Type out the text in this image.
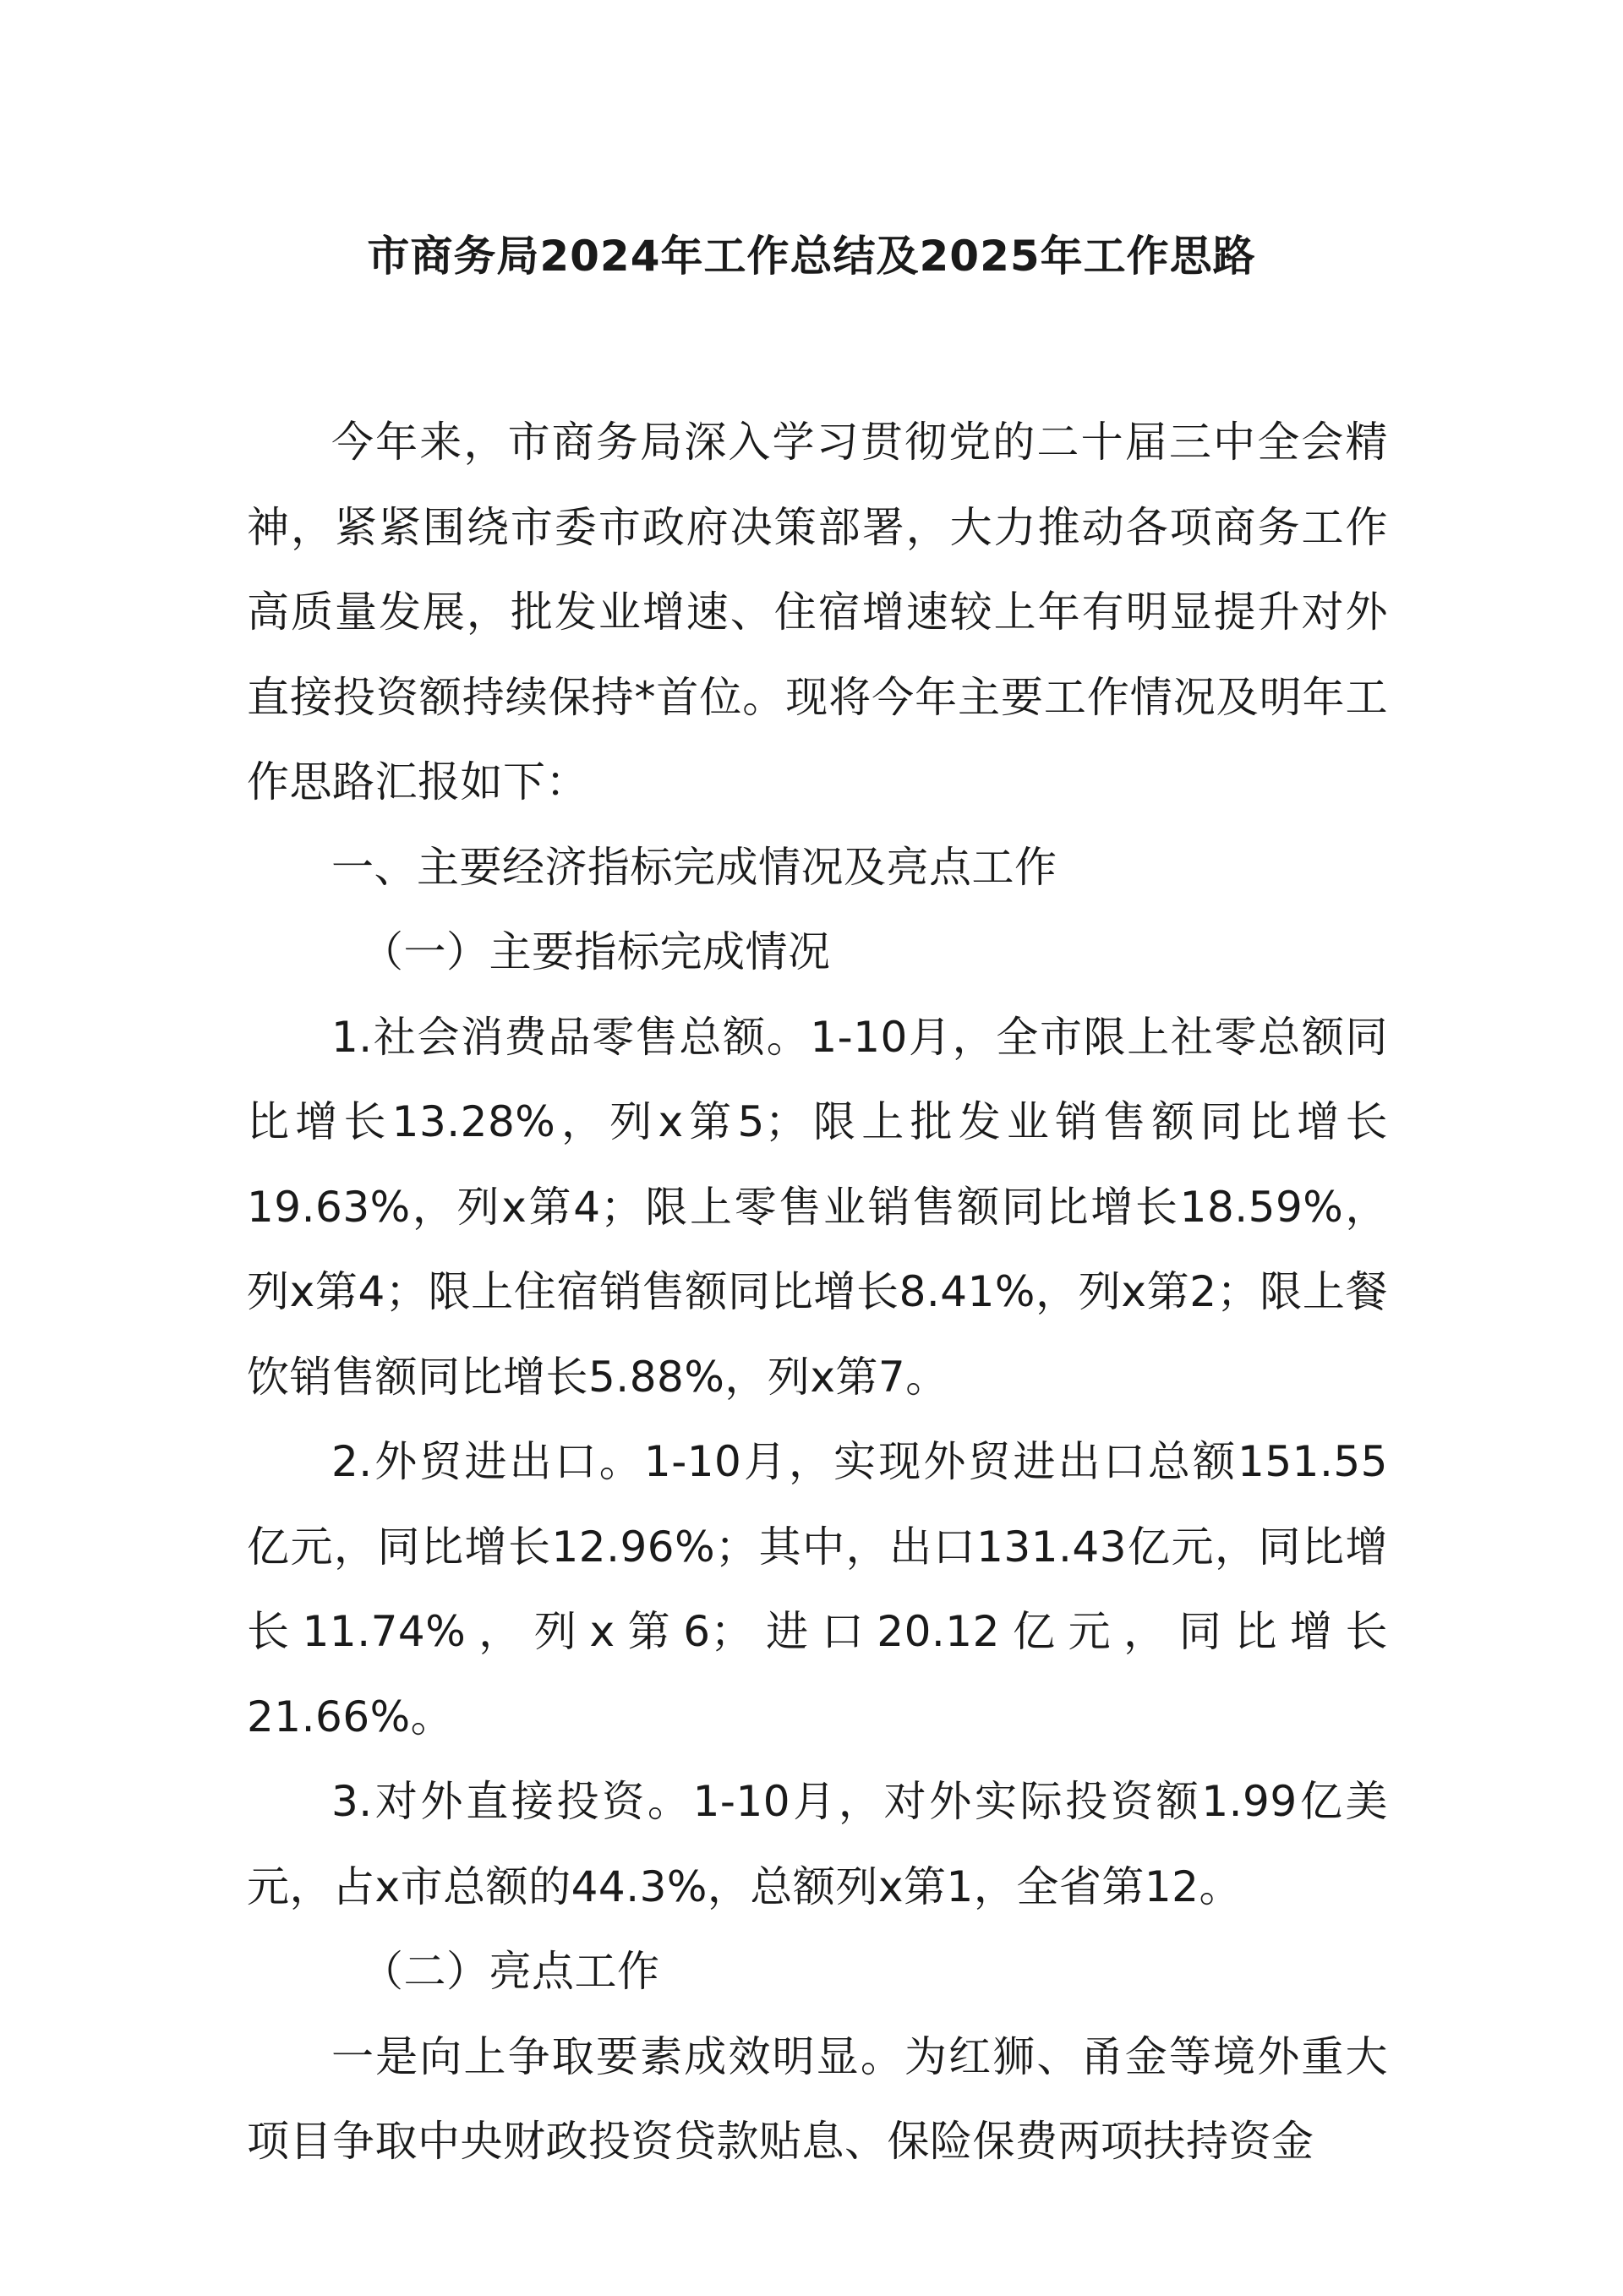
市商务局2024年工作总结及2025年工作思路

今年来，市商务局深入学习贯彻党的二十届三中全会精神，紧紧围绕市委市政府决策部署，大力推动各项商务工作高质量发展，批发业增速、住宿增速较上年有明显提升对外直接投资额持续保持*首位。现将今年主要工作情况及明年工作思路汇报如下：

一、主要经济指标完成情况及亮点工作

（一）主要指标完成情况

1.社会消费品零售总额。1-10月，全市限上社零总额同比增长13.28%，列x第5；限上批发业销售额同比增长19.63%，列x第4；限上零售业销售额同比增长18.59%，列x第4；限上住宿销售额同比增长8.41%，列x第2；限上餐饮销售额同比增长5.88%，列x第7。

2.外贸进出口。1-10月，实现外贸进出口总额151.55亿元，同比增长12.96%；其中，出口131.43亿元，同比增长11.74%，列x第6；进口20.12亿元，同比增长21.66%。

3.对外直接投资。1-10月，对外实际投资额1.99亿美元，占x市总额的44.3%，总额列x第1，全省第12。

（二）亮点工作

一是向上争取要素成效明显。为红狮、甬金等境外重大项目争取中央财政投资贷款贴息、保险保费两项扶持资金
